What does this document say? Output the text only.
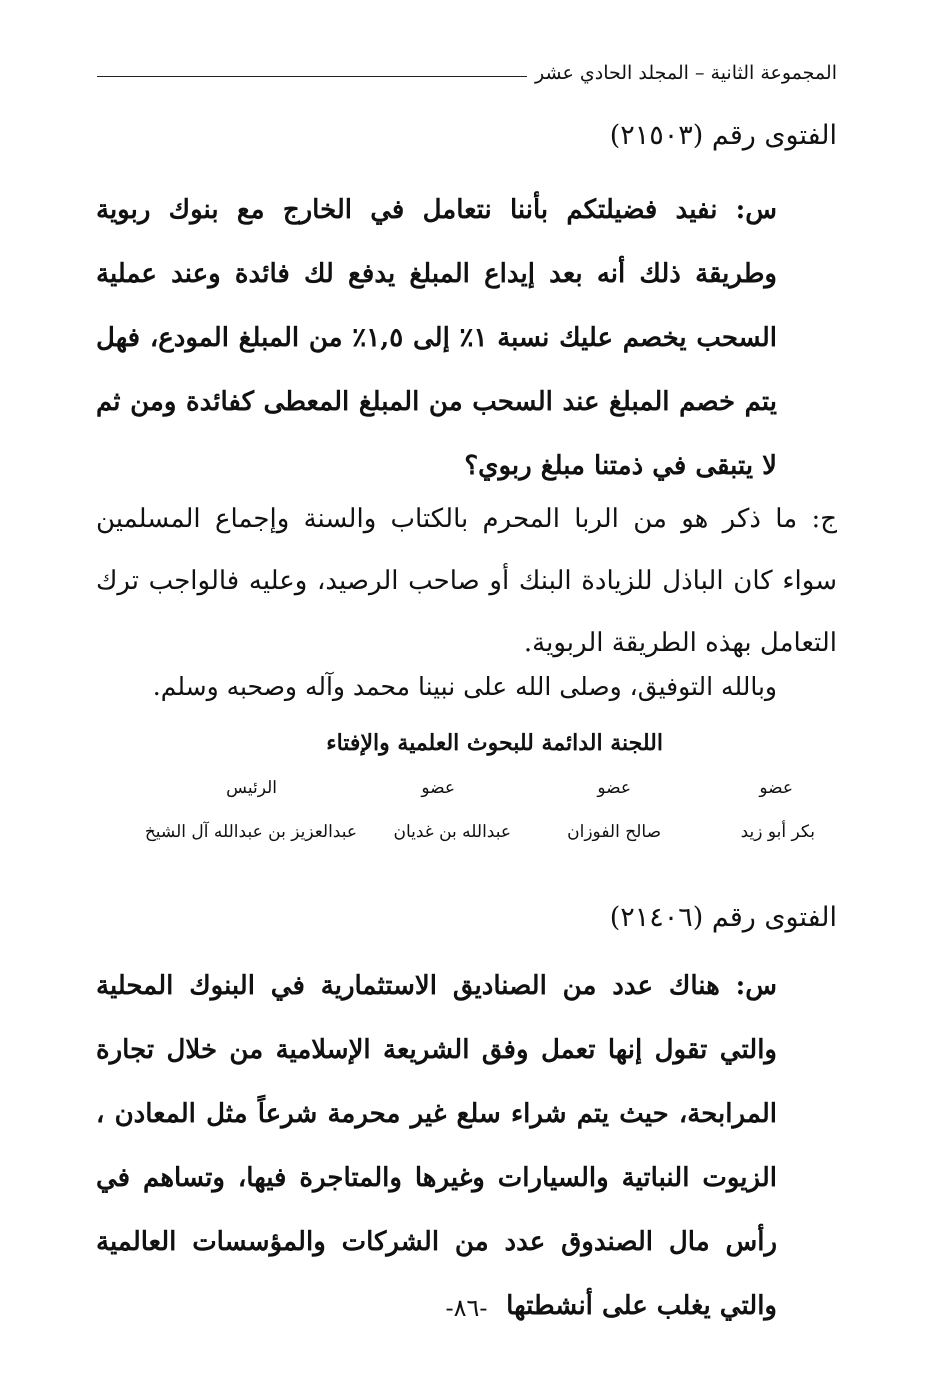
المجموعة الثانية – المجلد الحادي عشر
الفتوى رقم (٢١٥٠٣)
س: نفيد فضيلتكم بأننا نتعامل في الخارج مع بنوك ربوية وطريقة ذلك أنه بعد إيداع المبلغ يدفع لك فائدة وعند عملية السحب يخصم عليك نسبة ١٪ إلى ١,٥٪ من المبلغ المودع، فهل يتم خصم المبلغ عند السحب من المبلغ المعطى كفائدة ومن ثم لا يتبقى في ذمتنا مبلغ ربوي؟
ج: ما ذكر هو من الربا المحرم بالكتاب والسنة وإجماع المسلمين سواء كان الباذل للزيادة البنك أو صاحب الرصيد، وعليه فالواجب ترك التعامل بهذه الطريقة الربوية.
وبالله التوفيق، وصلى الله على نبينا محمد وآله وصحبه وسلم.
اللجنة الدائمة للبحوث العلمية والإفتاء
عضو
عضو
عضو
الرئيس
بكر أبو زيد
صالح الفوزان
عبدالله بن غديان
عبدالعزيز بن عبدالله آل الشيخ
الفتوى رقم (٢١٤٠٦)
س: هناك عدد من الصناديق الاستثمارية في البنوك المحلية والتي تقول إنها تعمل وفق الشريعة الإسلامية من خلال تجارة المرابحة، حيث يتم شراء سلع غير محرمة شرعاً مثل المعادن ، الزيوت النباتية والسيارات وغيرها والمتاجرة فيها، وتساهم في رأس مال الصندوق عدد من الشركات والمؤسسات العالمية والتي يغلب على أنشطتها
-٨٦-
